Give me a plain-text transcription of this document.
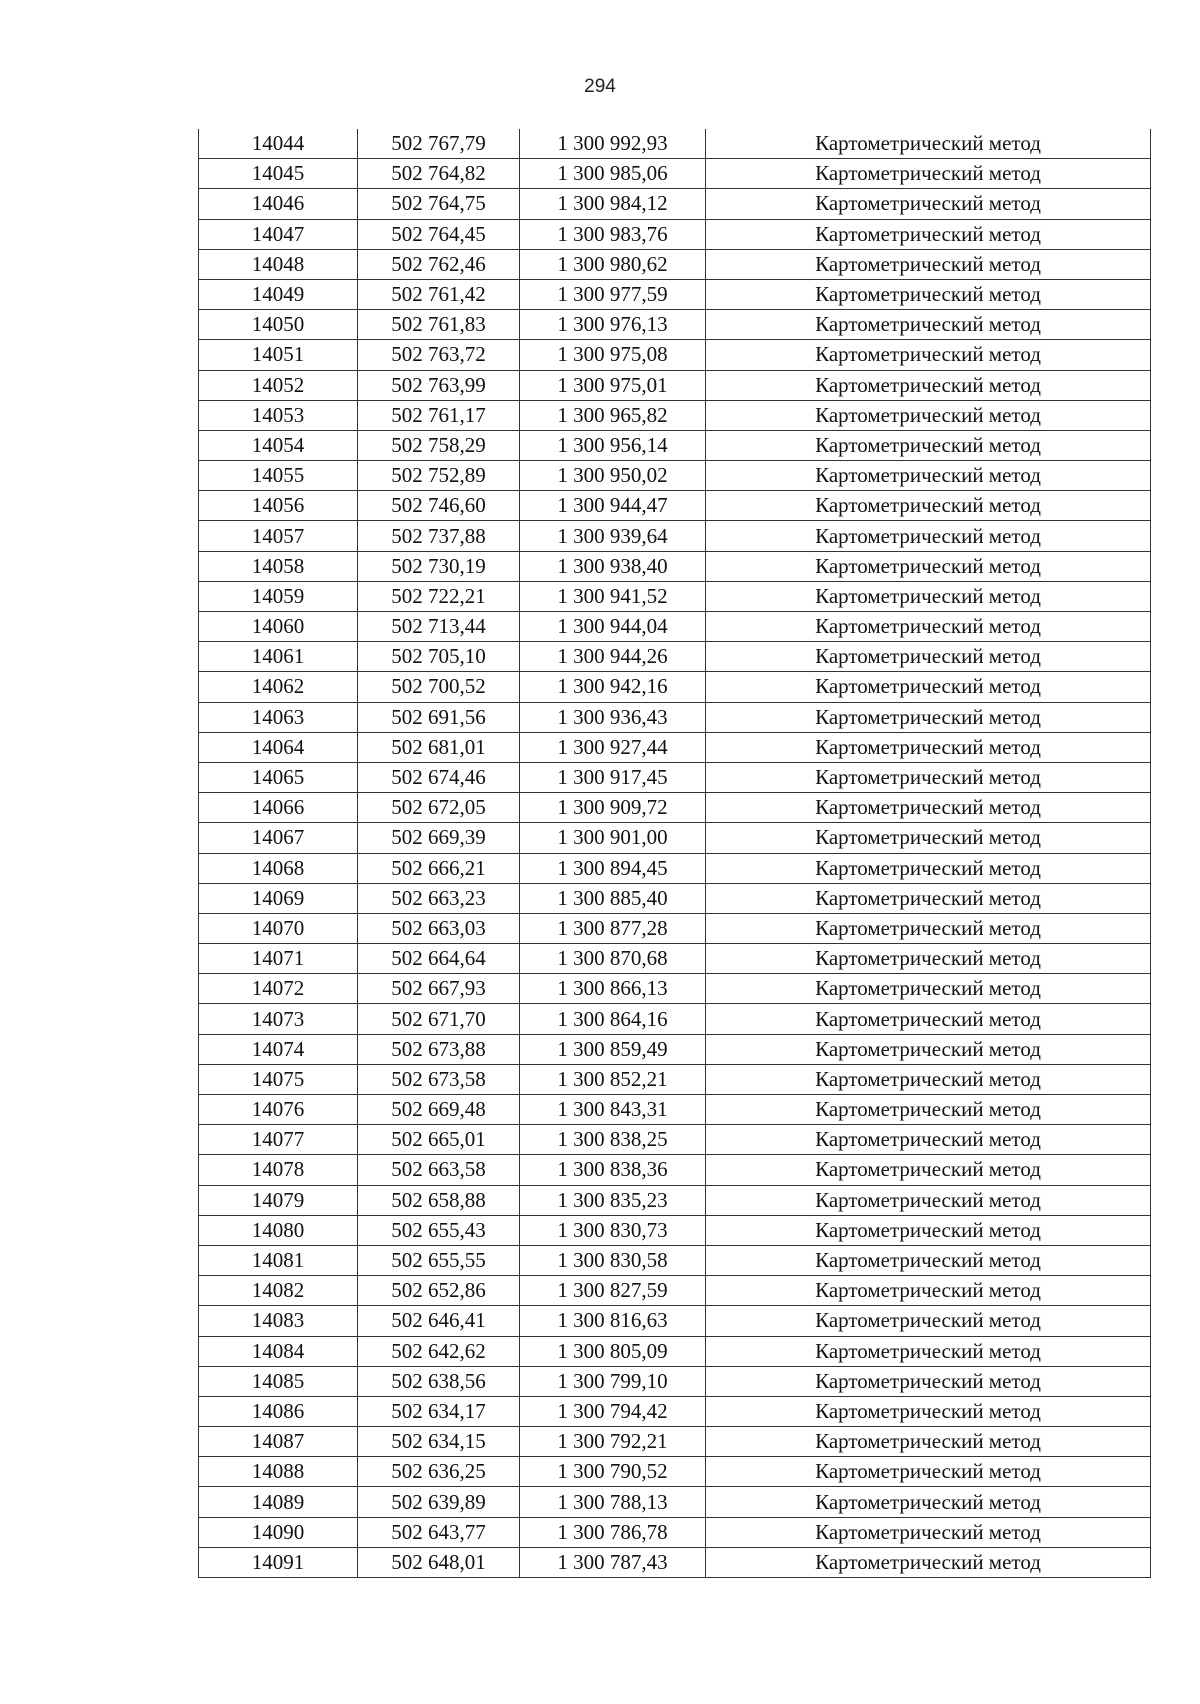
294
14044	502 767,79	1 300 992,93	Картометрический метод
14045	502 764,82	1 300 985,06	Картометрический метод
14046	502 764,75	1 300 984,12	Картометрический метод
14047	502 764,45	1 300 983,76	Картометрический метод
14048	502 762,46	1 300 980,62	Картометрический метод
14049	502 761,42	1 300 977,59	Картометрический метод
14050	502 761,83	1 300 976,13	Картометрический метод
14051	502 763,72	1 300 975,08	Картометрический метод
14052	502 763,99	1 300 975,01	Картометрический метод
14053	502 761,17	1 300 965,82	Картометрический метод
14054	502 758,29	1 300 956,14	Картометрический метод
14055	502 752,89	1 300 950,02	Картометрический метод
14056	502 746,60	1 300 944,47	Картометрический метод
14057	502 737,88	1 300 939,64	Картометрический метод
14058	502 730,19	1 300 938,40	Картометрический метод
14059	502 722,21	1 300 941,52	Картометрический метод
14060	502 713,44	1 300 944,04	Картометрический метод
14061	502 705,10	1 300 944,26	Картометрический метод
14062	502 700,52	1 300 942,16	Картометрический метод
14063	502 691,56	1 300 936,43	Картометрический метод
14064	502 681,01	1 300 927,44	Картометрический метод
14065	502 674,46	1 300 917,45	Картометрический метод
14066	502 672,05	1 300 909,72	Картометрический метод
14067	502 669,39	1 300 901,00	Картометрический метод
14068	502 666,21	1 300 894,45	Картометрический метод
14069	502 663,23	1 300 885,40	Картометрический метод
14070	502 663,03	1 300 877,28	Картометрический метод
14071	502 664,64	1 300 870,68	Картометрический метод
14072	502 667,93	1 300 866,13	Картометрический метод
14073	502 671,70	1 300 864,16	Картометрический метод
14074	502 673,88	1 300 859,49	Картометрический метод
14075	502 673,58	1 300 852,21	Картометрический метод
14076	502 669,48	1 300 843,31	Картометрический метод
14077	502 665,01	1 300 838,25	Картометрический метод
14078	502 663,58	1 300 838,36	Картометрический метод
14079	502 658,88	1 300 835,23	Картометрический метод
14080	502 655,43	1 300 830,73	Картометрический метод
14081	502 655,55	1 300 830,58	Картометрический метод
14082	502 652,86	1 300 827,59	Картометрический метод
14083	502 646,41	1 300 816,63	Картометрический метод
14084	502 642,62	1 300 805,09	Картометрический метод
14085	502 638,56	1 300 799,10	Картометрический метод
14086	502 634,17	1 300 794,42	Картометрический метод
14087	502 634,15	1 300 792,21	Картометрический метод
14088	502 636,25	1 300 790,52	Картометрический метод
14089	502 639,89	1 300 788,13	Картометрический метод
14090	502 643,77	1 300 786,78	Картометрический метод
14091	502 648,01	1 300 787,43	Картометрический метод
